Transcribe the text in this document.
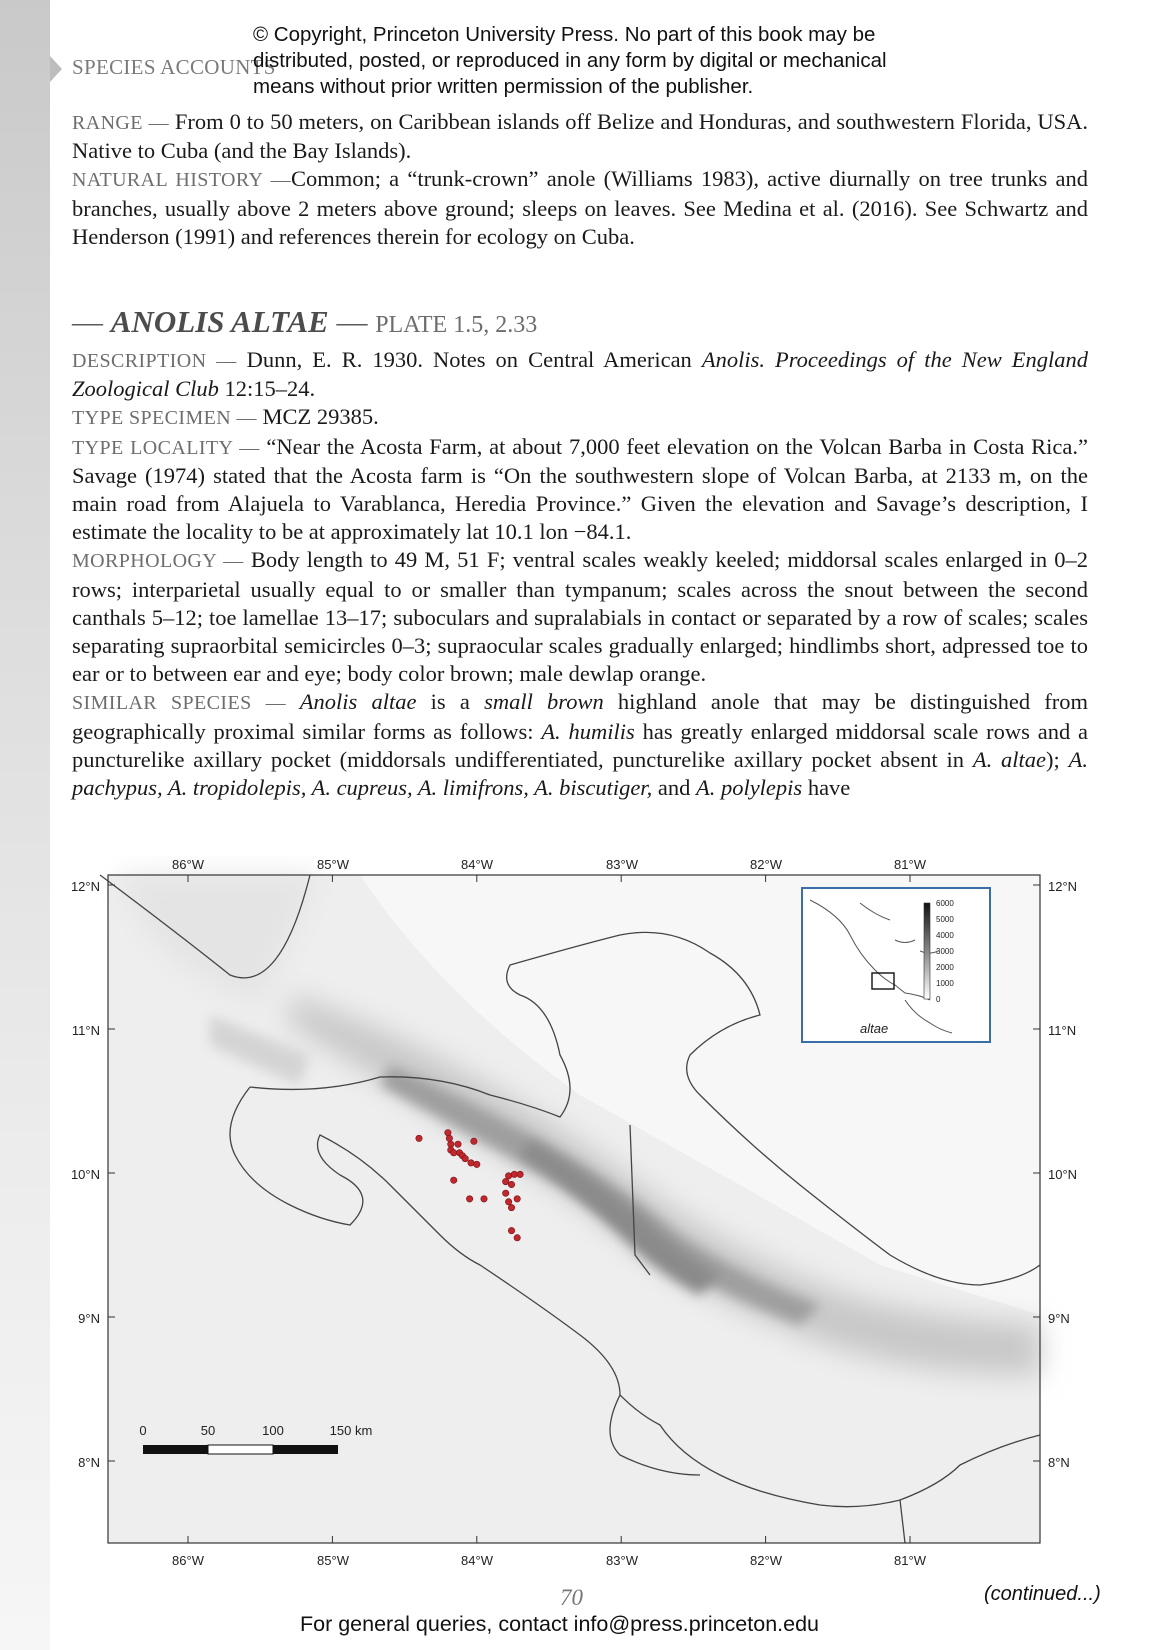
© Copyright, Princeton University Press. No part of this book may be
distributed, posted, or reproduced in any form by digital or mechanical
means without prior written permission of the publisher.
SPECIES ACCOUNTS

RANGE — From 0 to 50 meters, on Caribbean islands off Belize and Honduras, and southwestern Florida, USA. Native to Cuba (and the Bay Islands).

NATURAL HISTORY —Common; a “trunk-crown” anole (Williams 1983), active diurnally on tree trunks and branches, usually above 2 meters above ground; sleeps on leaves. See Medina et al. (2016). See Schwartz and Henderson (1991) and references therein for ecology on Cuba.

— ANOLIS ALTAE — PLATE 1.5, 2.33

DESCRIPTION — Dunn, E. R. 1930. Notes on Central American Anolis. Proceedings of the New England Zoological Club 12:15–24.

TYPE SPECIMEN — MCZ 29385.

TYPE LOCALITY — “Near the Acosta Farm, at about 7,000 feet elevation on the Volcan Barba in Costa Rica.” Savage (1974) stated that the Acosta farm is “On the southwestern slope of Volcan Barba, at 2133 m, on the main road from Alajuela to Varablanca, Heredia Province.” Given the elevation and Savage’s description, I estimate the locality to be at approximately lat 10.1 lon −84.1.

MORPHOLOGY — Body length to 49 M, 51 F; ventral scales weakly keeled; middorsal scales enlarged in 0–2 rows; interparietal usually equal to or smaller than tympanum; scales across the snout between the second canthals 5–12; toe lamellae 13–17; suboculars and supralabials in contact or separated by a row of scales; scales separating supraorbital semicircles 0–3; supraocular scales gradually enlarged; hindlimbs short, adpressed toe to ear or to between ear and eye; body color brown; male dewlap orange.

SIMILAR SPECIES — Anolis altae is a small brown highland anole that may be distinguished from geographically proximal similar forms as follows: A. humilis has greatly enlarged middorsal scale rows and a puncturelike axillary pocket (middorsals undifferentiated, puncturelike axillary pocket absent in A. altae); A. pachypus, A. tropidolepis, A. cupreus, A. limifrons, A. biscutiger, and A. polylepis have

86°W	85°W	84°W	83°W	82°W	81°W
86°W	85°W	84°W	83°W	82°W	81°W
12°N
11°N
10°N
9°N
8°N
12°N
11°N
10°N
9°N
8°N
6000
5000
4000
3000
2000
1000
0
altae
0	50	100	150 km
70	(continued...)
For general queries, contact info@press.princeton.edu
